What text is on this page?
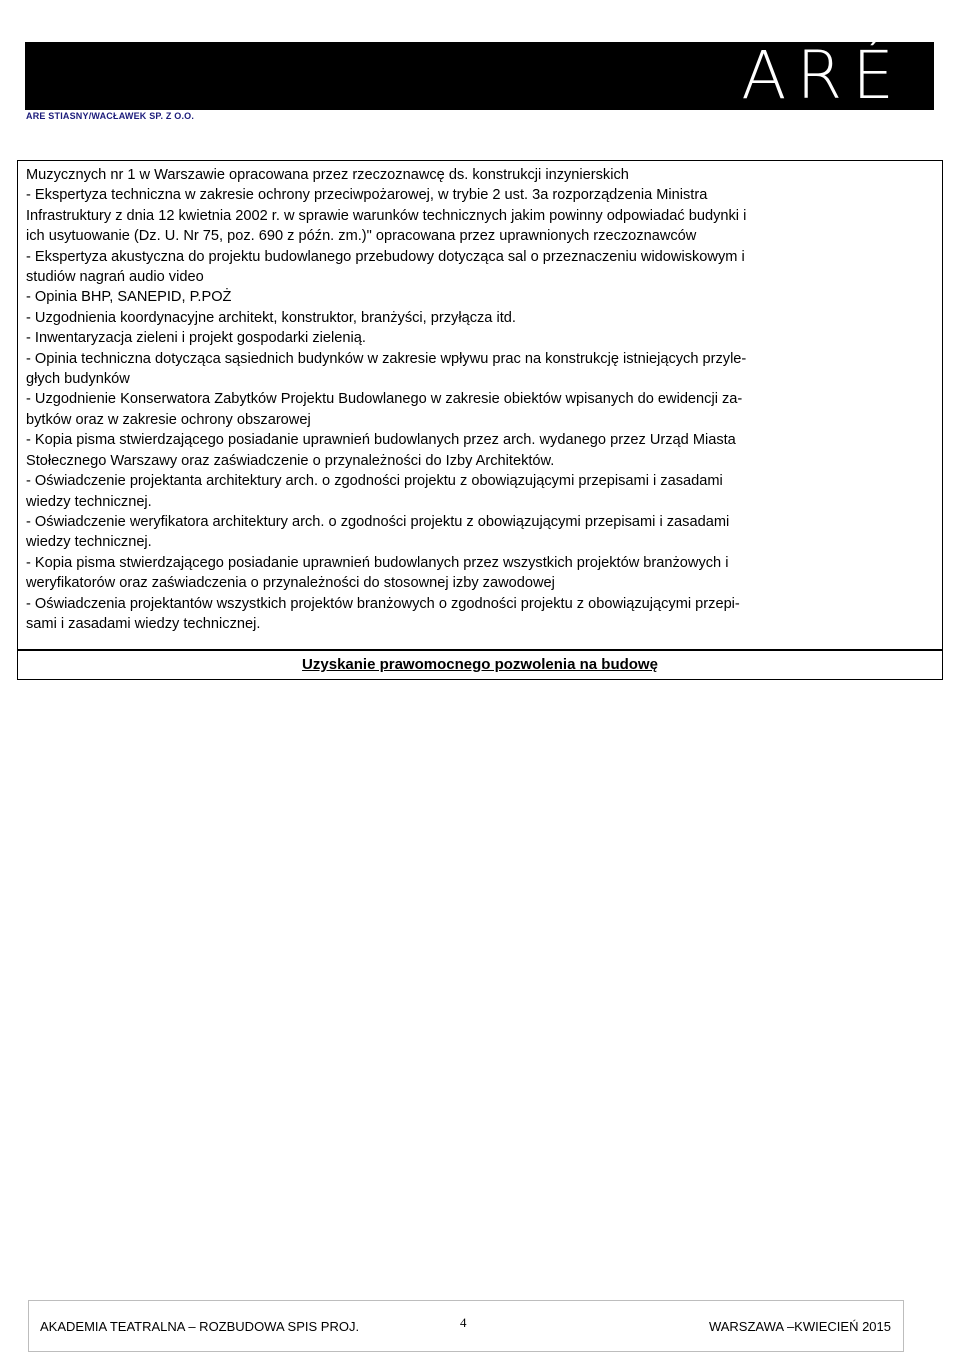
ARÉ
ARE STIASNY/WACŁAWEK SP. Z O.O.
Muzycznych nr 1 w Warszawie opracowana przez rzeczoznawcę ds. konstrukcji inzynierskich
- Ekspertyza techniczna w zakresie ochrony przeciwpożarowej, w trybie 2 ust. 3a rozporządzenia Ministra
Infrastruktury z dnia 12 kwietnia 2002 r. w sprawie warunków technicznych jakim powinny odpowiadać budynki i
ich usytuowanie (Dz. U. Nr 75, poz. 690 z późn. zm.)" opracowana przez uprawnionych rzeczoznawców
- Ekspertyza akustyczna do projektu budowlanego przebudowy dotycząca sal o przeznaczeniu widowiskowym i
studiów nagrań audio video
- Opinia BHP, SANEPID, P.POŻ
- Uzgodnienia koordynacyjne architekt, konstruktor, branżyści, przyłącza itd.
- Inwentaryzacja zieleni i projekt gospodarki zielenią.
- Opinia techniczna dotycząca sąsiednich budynków w zakresie wpływu prac na konstrukcję istniejących przyle-
głych budynków
- Uzgodnienie Konserwatora Zabytków Projektu Budowlanego w zakresie obiektów wpisanych do ewidencji za-
bytków oraz w zakresie ochrony obszarowej
- Kopia pisma stwierdzającego posiadanie uprawnień budowlanych przez arch. wydanego przez Urząd Miasta
Stołecznego Warszawy oraz zaświadczenie o przynależności do Izby Architektów.
- Oświadczenie projektanta architektury arch. o zgodności projektu z obowiązującymi przepisami i zasadami
wiedzy technicznej.
- Oświadczenie weryfikatora architektury arch. o zgodności projektu z obowiązującymi przepisami i zasadami
wiedzy technicznej.
- Kopia pisma stwierdzającego posiadanie uprawnień budowlanych przez wszystkich projektów branżowych i
weryfikatorów oraz zaświadczenia o przynależności do stosownej izby zawodowej
- Oświadczenia projektantów wszystkich projektów branżowych o zgodności projektu z obowiązującymi przepi-
sami i zasadami wiedzy technicznej.
Uzyskanie prawomocnego pozwolenia na budowę
AKADEMIA TEATRALNA – ROZBUDOWA SPIS PROJ.	4	WARSZAWA –KWIECIEŃ 2015
